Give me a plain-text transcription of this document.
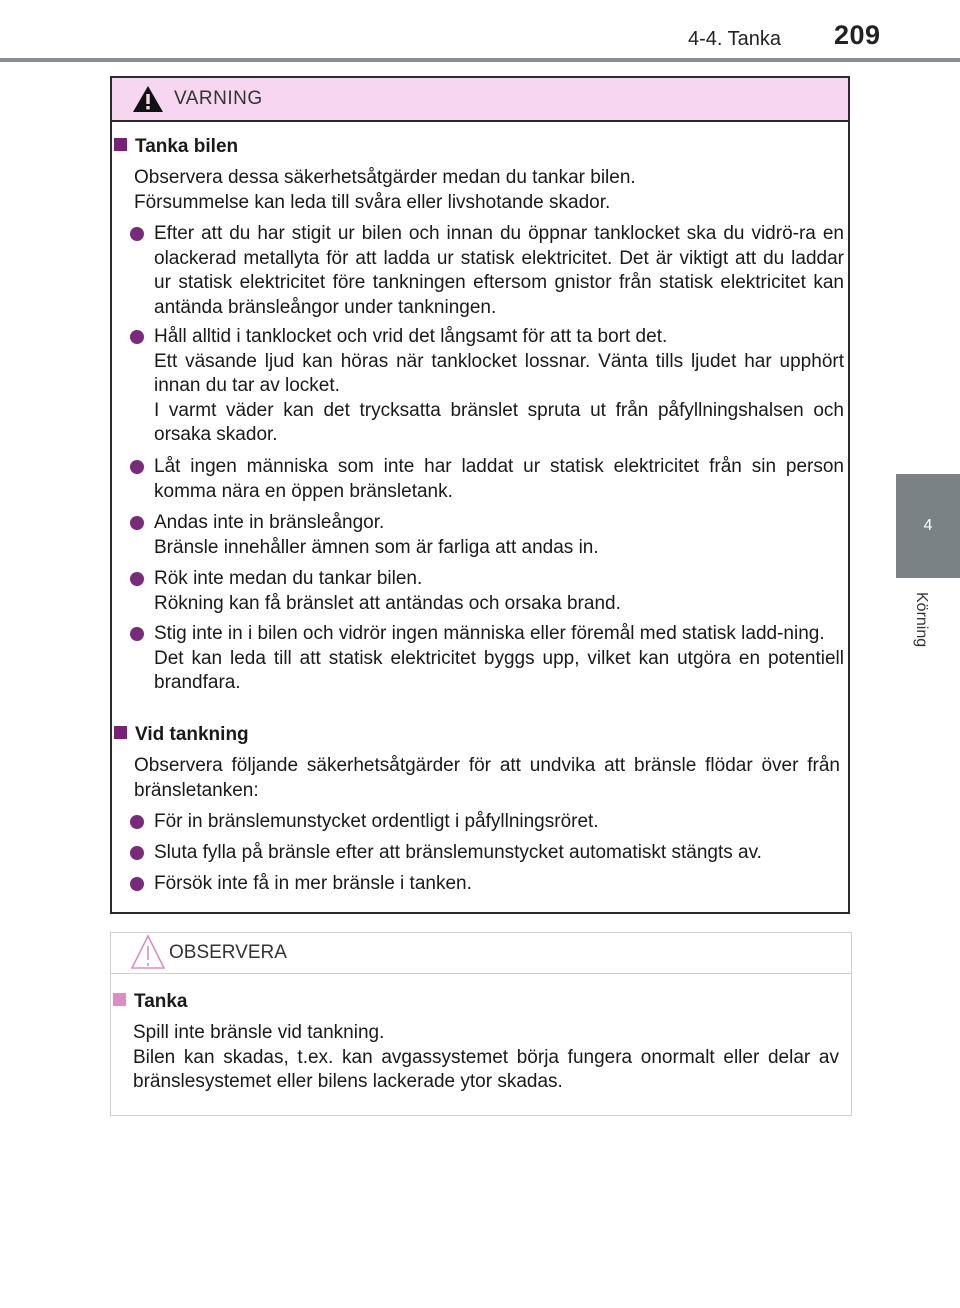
4-4. Tanka 209
4
Körning
VARNING
Tanka bilen
Observera dessa säkerhetsåtgärder medan du tankar bilen.
Försummelse kan leda till svåra eller livshotande skador.
Efter att du har stigit ur bilen och innan du öppnar tanklocket ska du vidrö-ra en olackerad metallyta för att ladda ur statisk elektricitet. Det är viktigt att du laddar ur statisk elektricitet före tankningen eftersom gnistor från statisk elektricitet kan antända bränsleångor under tankningen.
Håll alltid i tanklocket och vrid det långsamt för att ta bort det.
Ett väsande ljud kan höras när tanklocket lossnar. Vänta tills ljudet har upphört innan du tar av locket.
I varmt väder kan det trycksatta bränslet spruta ut från påfyllningshalsen och orsaka skador.
Låt ingen människa som inte har laddat ur statisk elektricitet från sin person komma nära en öppen bränsletank.
Andas inte in bränsleångor.
Bränsle innehåller ämnen som är farliga att andas in.
Rök inte medan du tankar bilen.
Rökning kan få bränslet att antändas och orsaka brand.
Stig inte in i bilen och vidrör ingen människa eller föremål med statisk ladd-ning.
Det kan leda till att statisk elektricitet byggs upp, vilket kan utgöra en potentiell brandfara.
Vid tankning
Observera följande säkerhetsåtgärder för att undvika att bränsle flödar över från bränsletanken:
För in bränslemunstycket ordentligt i påfyllningsröret.
Sluta fylla på bränsle efter att bränslemunstycket automatiskt stängts av.
Försök inte få in mer bränsle i tanken.
OBSERVERA
Tanka
Spill inte bränsle vid tankning.
Bilen kan skadas, t.ex. kan avgassystemet börja fungera onormalt eller delar av bränslesystemet eller bilens lackerade ytor skadas.
